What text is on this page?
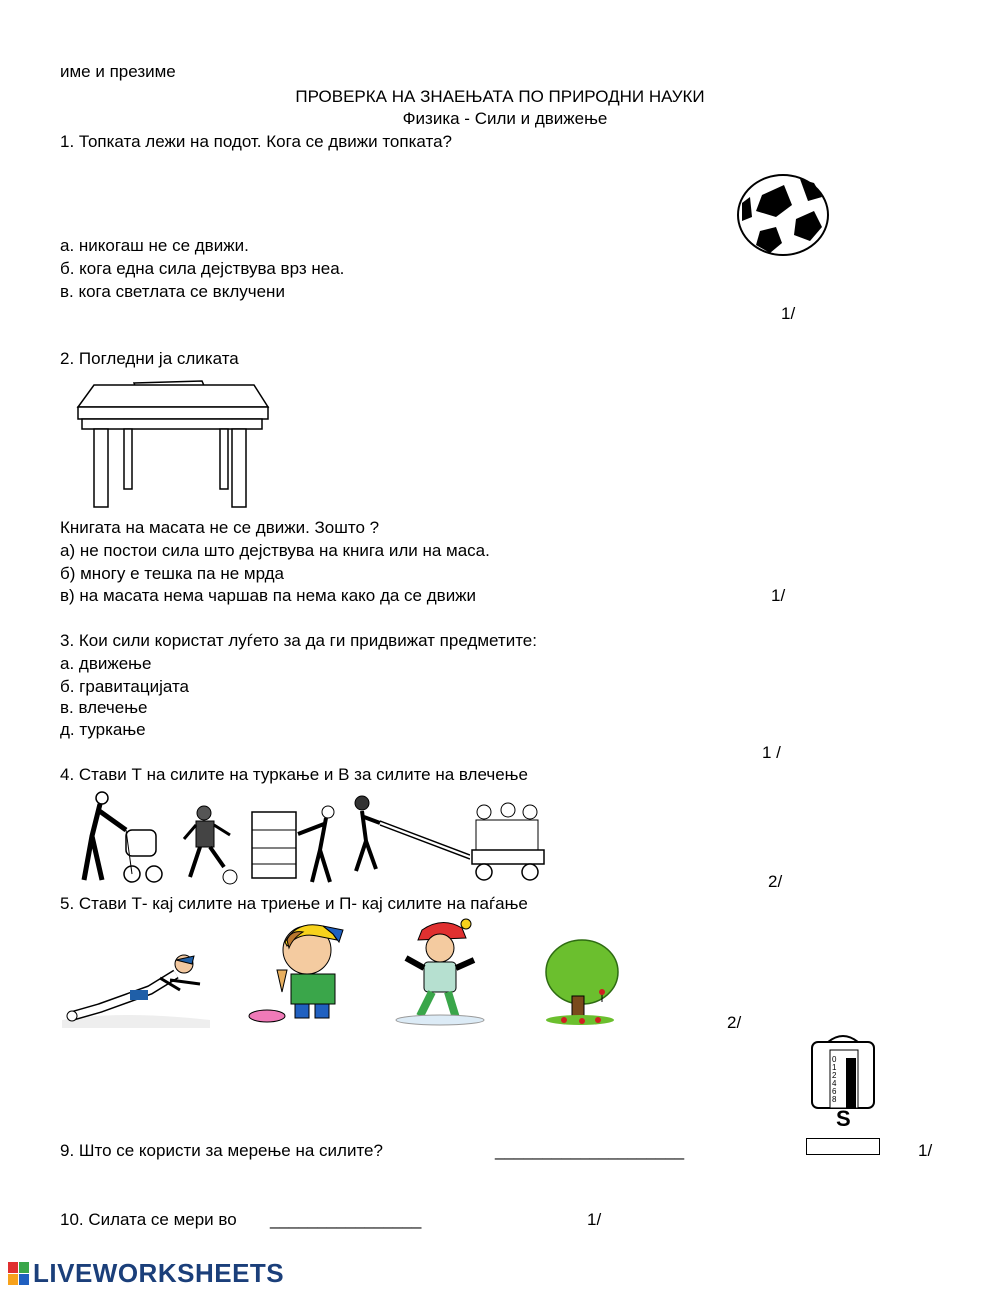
име и презиме
ПРОВЕРКА НА ЗНАЕЊАТА ПО ПРИРОДНИ НАУКИ
Физика - Сили и движење
1. Топката лежи на подот. Кога се движи топката?
а. никогаш не се движи.
б. кога една сила дејствува врз неа.
в. кога светлата се вклучени
1/
2. Погледни ја сликата
Книгата на масата не се движи. Зошто ?
а) не постои сила што дејствува на книга или на маса.
б) многу е тешка па не мрда
в) на масата нема чаршав па нема како да се движи	1/
3. Кои сили користат луѓето за да ги придвижат предметите:
а. движење
б. гравитацијата
в. влечење
д. туркање
1 /
4. Стави Т на силите на туркање и В за силите на влечење
2/
5. Стави Т- кај силите на триење и П- кај силите на паѓање
2/
0
1
2
4
6
8
S
9. Што се користи за мерење на силите?	____________________	1/
10. Силата се мери во ________________	1/
LIVEWORKSHEETS
